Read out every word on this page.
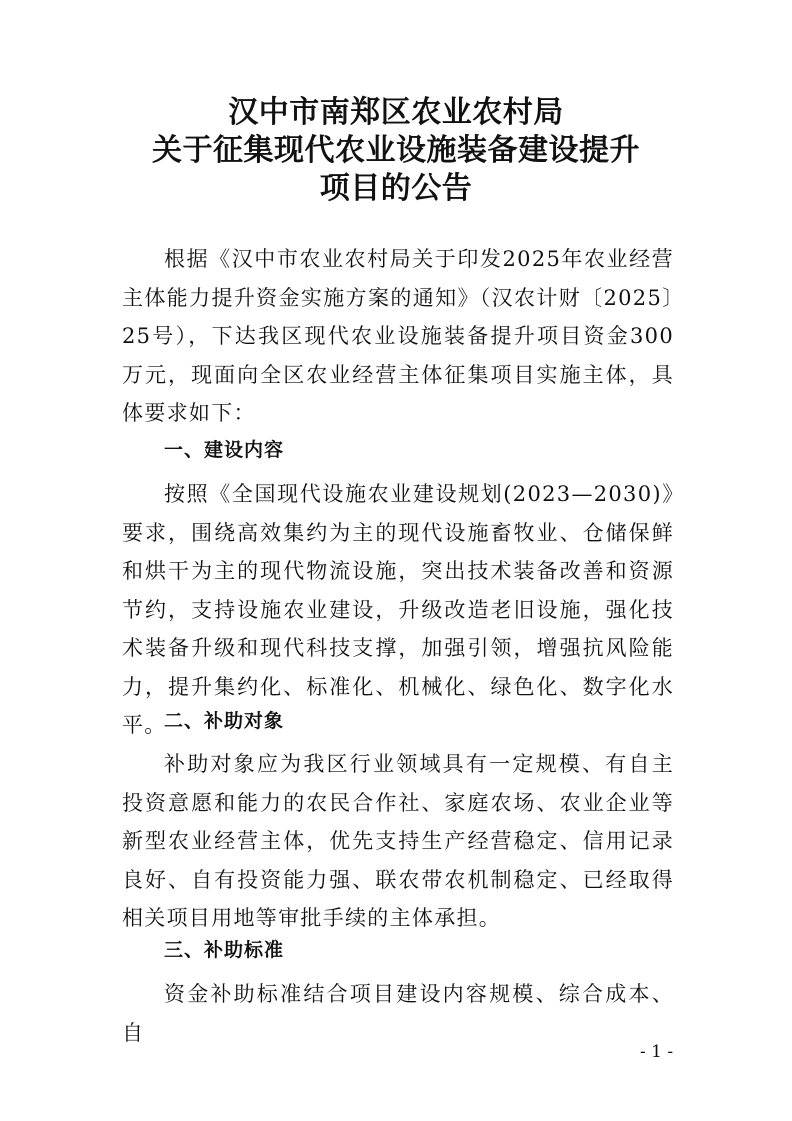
汉中市南郑区农业农村局
关于征集现代农业设施装备建设提升
项目的公告

根据《汉中市农业农村局关于印发2025年农业经营主体能力提升资金实施方案的通知》（汉农计财〔2025〕25号），下达我区现代农业设施装备提升项目资金300万元，现面向全区农业经营主体征集项目实施主体，具体要求如下：

一、建设内容

按照《全国现代设施农业建设规划(2023—2030)》要求，围绕高效集约为主的现代设施畜牧业、仓储保鲜和烘干为主的现代物流设施，突出技术装备改善和资源节约，支持设施农业建设，升级改造老旧设施，强化技术装备升级和现代科技支撑，加强引领，增强抗风险能力，提升集约化、标准化、机械化、绿色化、数字化水平。

二、补助对象

补助对象应为我区行业领域具有一定规模、有自主投资意愿和能力的农民合作社、家庭农场、农业企业等新型农业经营主体，优先支持生产经营稳定、信用记录良好、自有投资能力强、联农带农机制稳定、已经取得相关项目用地等审批手续的主体承担。

三、补助标准

资金补助标准结合项目建设内容规模、综合成本、自

- 1 -
